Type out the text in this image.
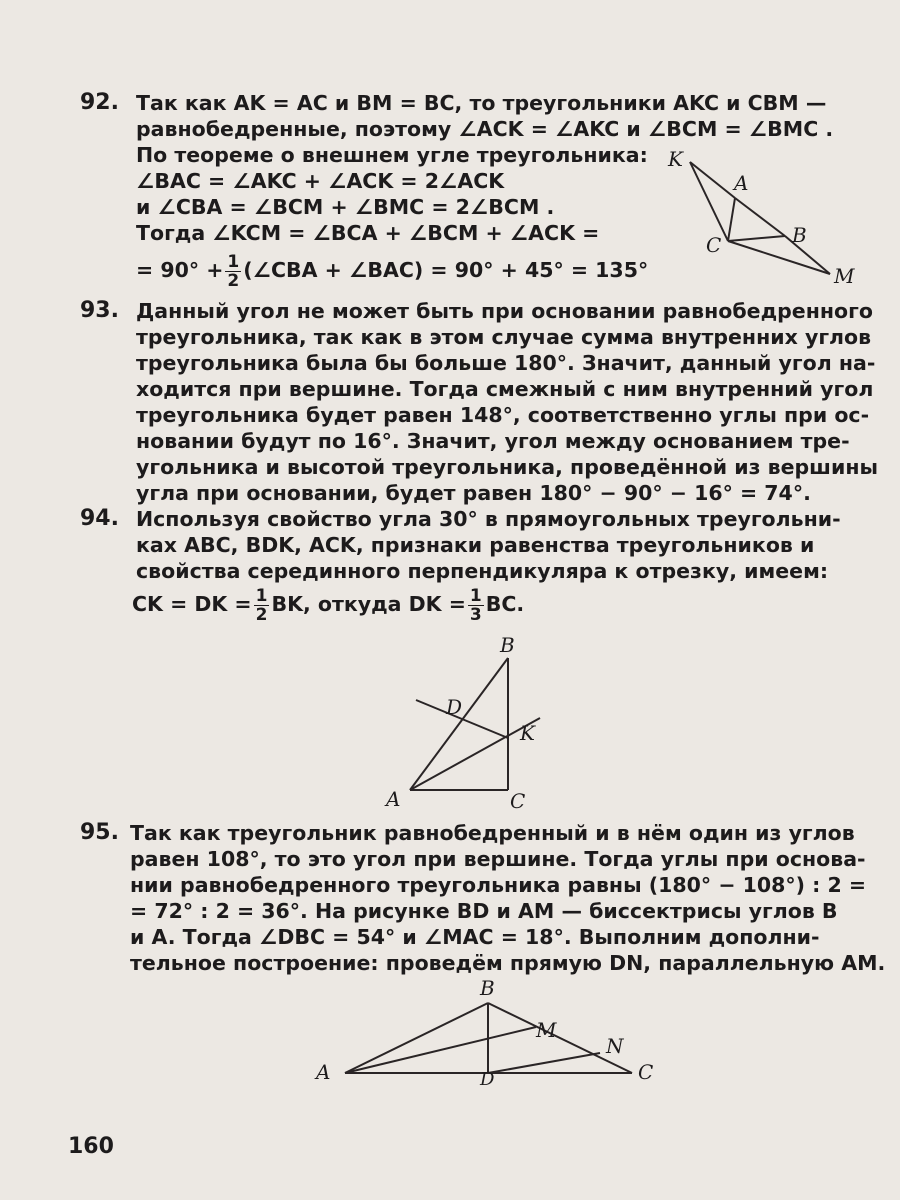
92. Так как AK = AC и BM = BC, то треугольники AKC и CBM —
равнобедренные, поэтому ∠ACK = ∠AKC и ∠BCM = ∠BMC .
По теореме о внешнем угле треугольника:
∠BAC = ∠AKC + ∠ACK = 2∠ACK
и ∠CBA = ∠BCM + ∠BMC = 2∠BCM .
Тогда ∠KCM = ∠BCA + ∠BCM + ∠ACK =
= $90^\circ + \frac{1}{2}$ (∠CBA + ∠BAC) = 90° + 45° = 135°
K
A
C	B
M
93. Данный угол не может быть при основании равнобедренного
треугольника, так как в этом случае сумма внутренних углов
треугольника была бы больше 180°. Значит, данный угол на-
ходится при вершине. Тогда смежный с ним внутренний угол
треугольника будет равен 148°, соответственно углы при ос-
новании будут по 16°. Значит, угол между основанием тре-
угольника и высотой треугольника, проведённой из вершины
угла при основании, будет равен 180° − 90° − 16° = 74°.
94. Используя свойство угла 30° в прямоугольных треугольни-
ках ABC, BDK, ACK, признаки равенства треугольников и
свойства серединного перпендикуляра к отрезку, имеем:
CK = DK = $\frac{1}{2}$ BK, откуда DK = $\frac{1}{3}$ BC.
B
D
K
A	C
95. Так как треугольник равнобедренный и в нём один из углов
равен 108°, то это угол при вершине. Тогда углы при основа-
нии равнобедренного треугольника равны (180° − 108°) : 2 =
= 72° : 2 = 36°. На рисунке BD и AM — биссектрисы углов B
и A. Тогда ∠DBC = 54° и ∠MAC = 18°. Выполним дополни-
тельное построение: проведём прямую DN, параллельную AM.
B
M
N
A	C
D
160
